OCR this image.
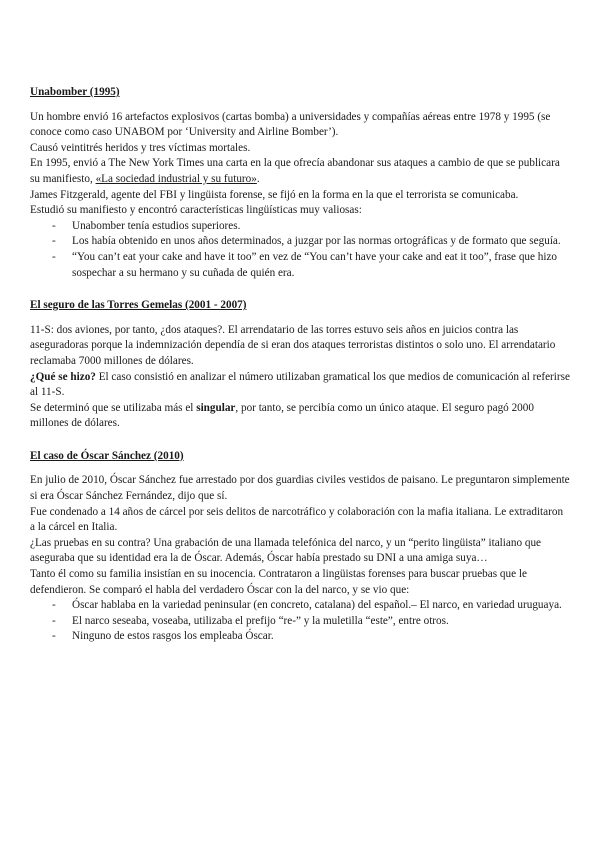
Unabomber (1995)

Un hombre envió 16 artefactos explosivos (cartas bomba) a universidades y compañías aéreas entre 1978 y 1995 (se conoce como caso UNABOM por ‘University and Airline Bomber’).

Causó veintitrés heridos y tres víctimas mortales.

En 1995, envió a The New York Times una carta en la que ofrecía abandonar sus ataques a cambio de que se publicara su manifiesto, «La sociedad industrial y su futuro».

James Fitzgerald, agente del FBI y lingüista forense, se fijó en la forma en la que el terrorista se comunicaba.

Estudió su manifiesto y encontró características lingüísticas muy valiosas:

- Unabomber tenía estudios superiores.
- Los había obtenido en unos años determinados, a juzgar por las normas ortográficas y de formato que seguía.
- “You can’t eat your cake and have it too” en vez de “You can’t have your cake and eat it too”, frase que hizo sospechar a su hermano y su cuñada de quién era.

El seguro de las Torres Gemelas (2001 - 2007)

11-S: dos aviones, por tanto, ¿dos ataques?. El arrendatario de las torres estuvo seis años en juicios contra las aseguradoras porque la indemnización dependía de si eran dos ataques terroristas distintos o solo uno. El arrendatario reclamaba 7000 millones de dólares.

¿Qué se hizo? El caso consistió en analizar el número utilizaban gramatical los que medios de comunicación al referirse al 11-S.

Se determinó que se utilizaba más el singular, por tanto, se percibía como un único ataque. El seguro pagó 2000 millones de dólares.

El caso de Óscar Sánchez (2010)

En julio de 2010, Óscar Sánchez fue arrestado por dos guardias civiles vestidos de paisano. Le preguntaron simplemente si era Óscar Sánchez Fernández, dijo que sí.

Fue condenado a 14 años de cárcel por seis delitos de narcotráfico y colaboración con la mafia italiana. Le extraditaron a la cárcel en Italia.

¿Las pruebas en su contra? Una grabación de una llamada telefónica del narco, y un “perito lingüista” italiano que aseguraba que su identidad era la de Óscar. Además, Óscar había prestado su DNI a una amiga suya…

Tanto él como su familia insistían en su inocencia. Contrataron a lingüistas forenses para buscar pruebas que le defendieron. Se comparó el habla del verdadero Óscar con la del narco, y se vio que:

- Óscar hablaba en la variedad peninsular (en concreto, catalana) del español.– El narco, en variedad uruguaya.
- El narco seseaba, voseaba, utilizaba el prefijo “re-” y la muletilla “este”, entre otros.
- Ninguno de estos rasgos los empleaba Óscar.
